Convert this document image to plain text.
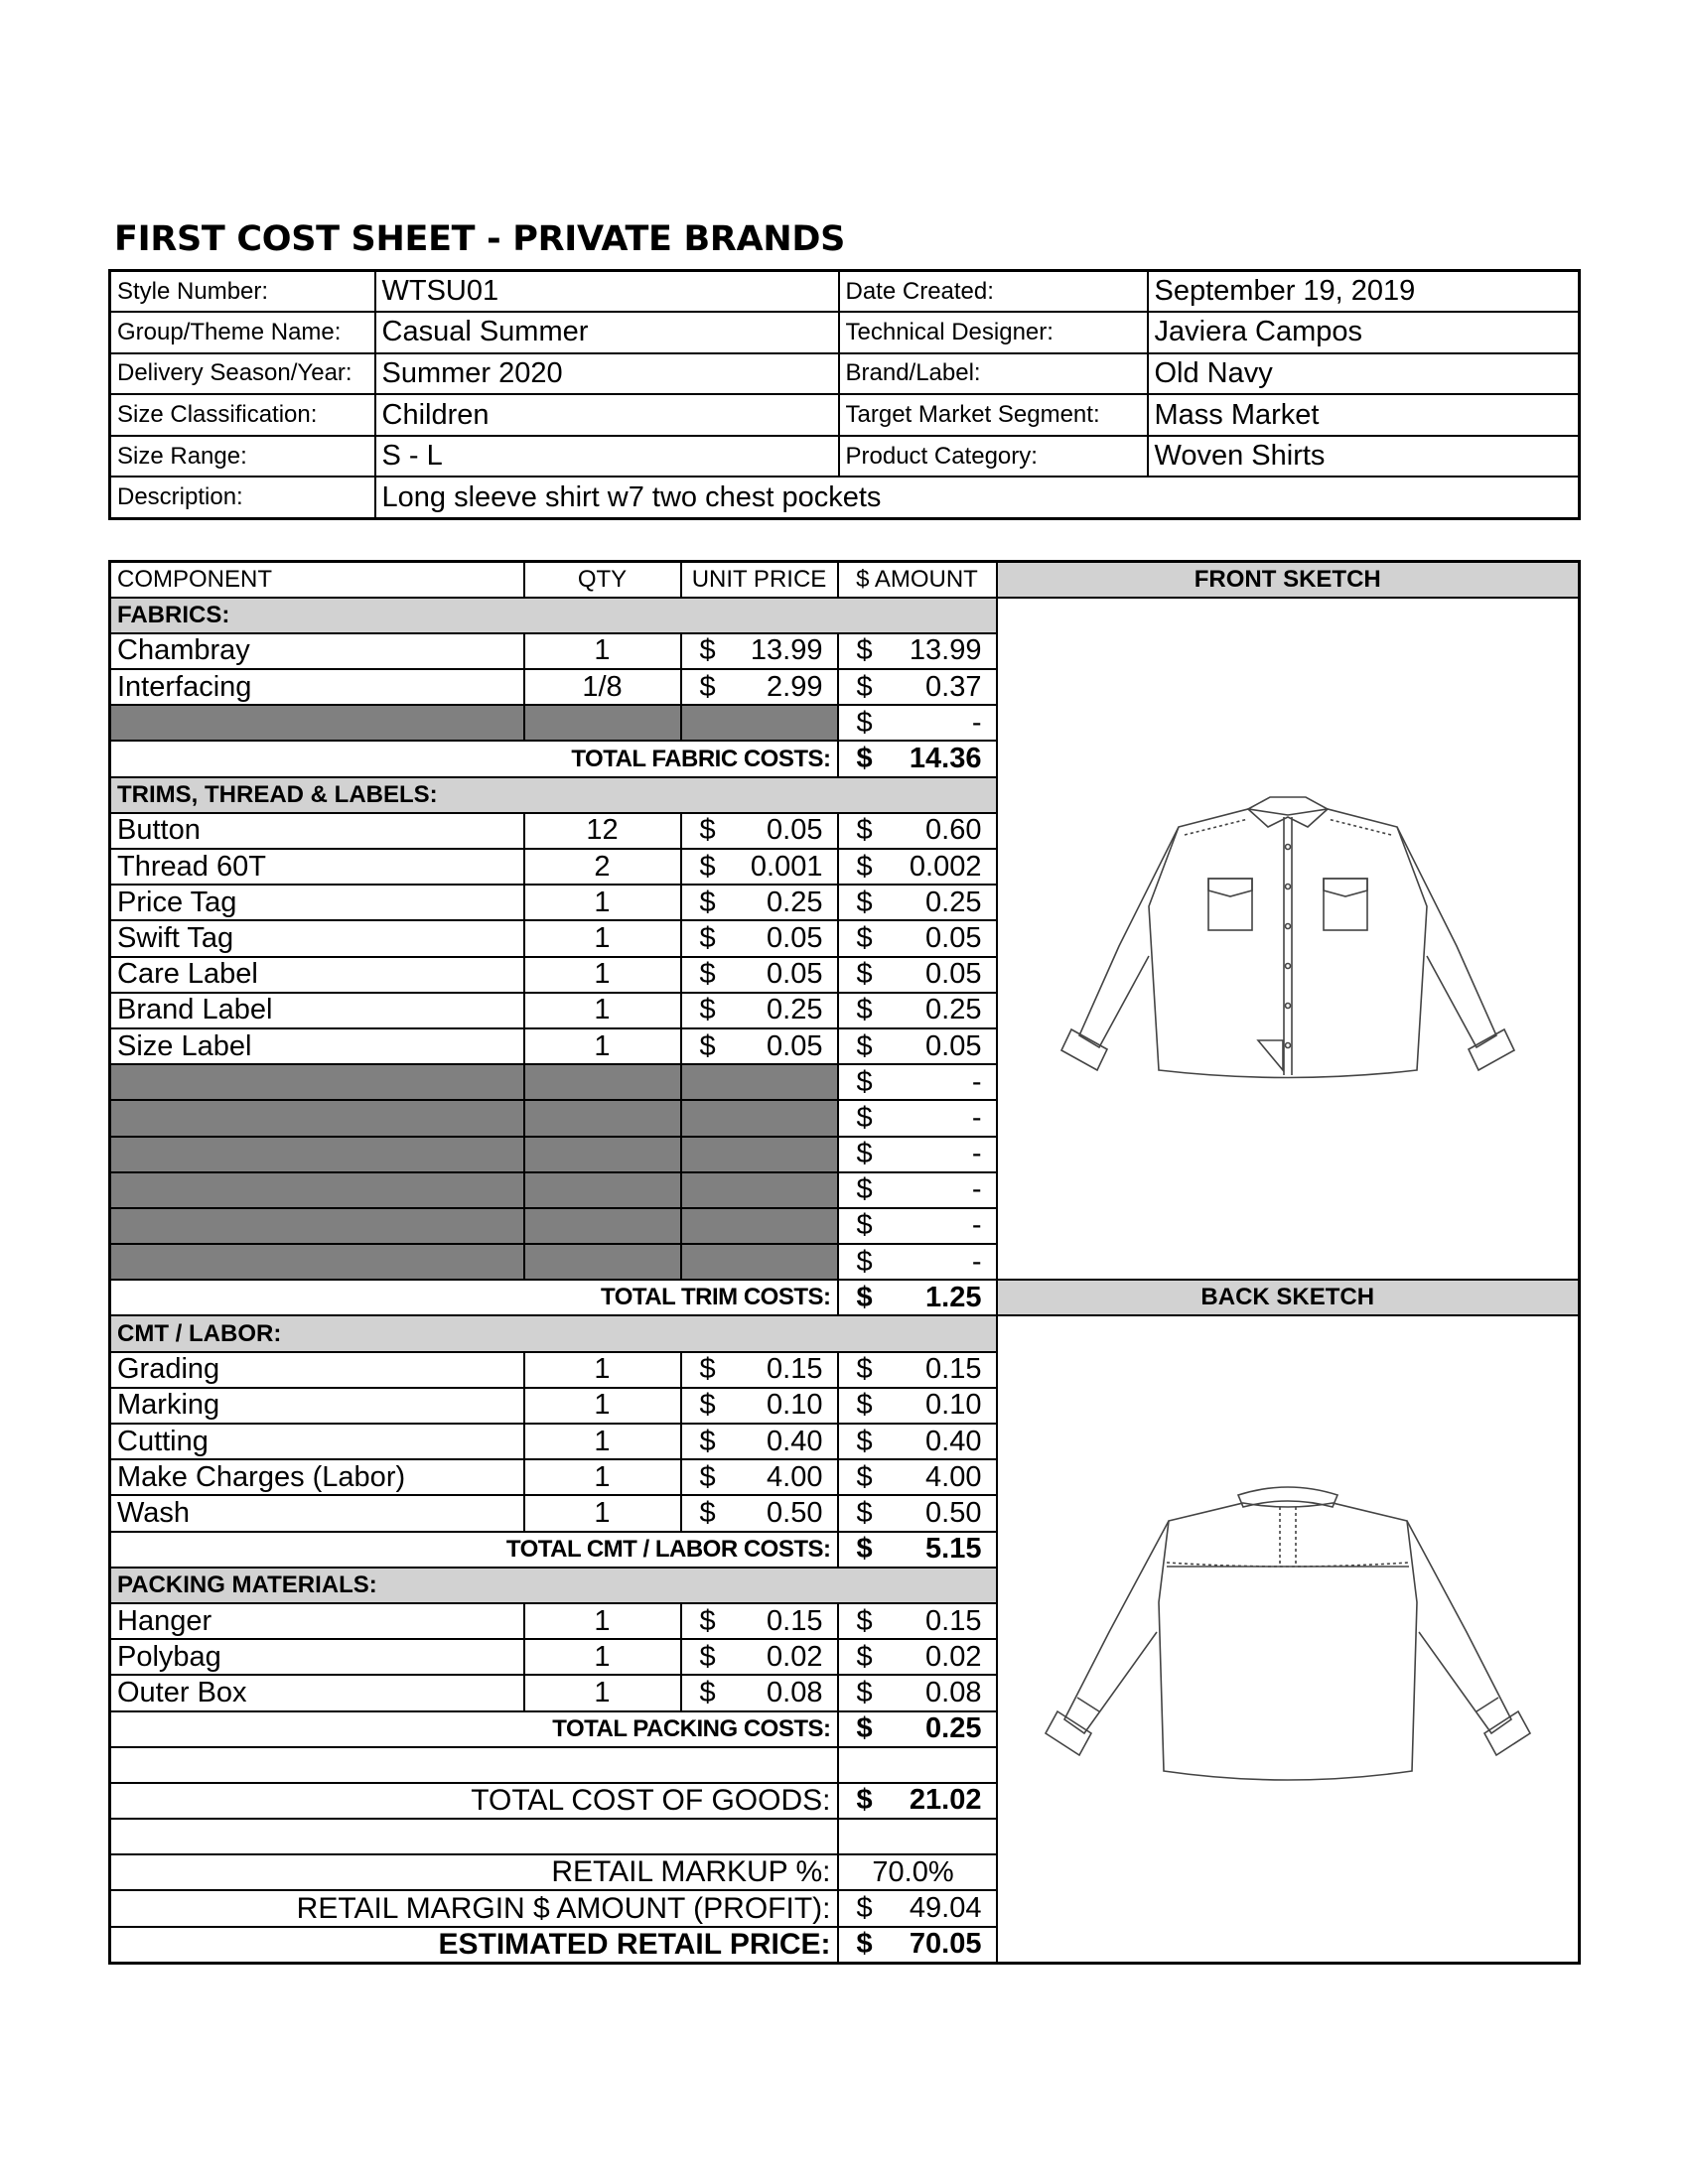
FIRST COST SHEET - PRIVATE BRANDS
Style Number:	WTSU01	Date Created:	September 19, 2019
Group/Theme Name:	Casual Summer	Technical Designer:	Javiera Campos
Delivery Season/Year:	Summer 2020	Brand/Label:	Old Navy
Size Classification:	Children	Target Market Segment:	Mass Market
Size Range:	S - L	Product Category:	Woven Shirts
Description:	Long sleeve shirt w7 two chest pockets		
COMPONENT	QTY	UNIT PRICE	$ AMOUNT	FRONT SKETCH
FABRICS:	
Chambray	1	$ 13.99	$ 13.99	

Interfacing	1/8	$ 2.99	$ 0.37	

			$ -	

TOTAL FABRIC COSTS:			$ 14.36	

TRIMS, THREAD & LABELS:				
Button	12	$ 0.05	$ 0.60	

Thread 60T	2	$ 0.001	$ 0.002	

Price Tag	1	$ 0.25	$ 0.25	

Swift Tag	1	$ 0.05	$ 0.05	

Care Label	1	$ 0.05	$ 0.05	

Brand Label	1	$ 0.25	$ 0.25	

Size Label	1	$ 0.05	$ 0.05	

			$ -	

			$ -	

			$ -	

			$ -	

			$ -	

			$ -	

TOTAL TRIM COSTS:			$ 1.25	BACK SKETCH
CMT / LABOR:	
Grading	1	$ 0.15	$ 0.15	

Marking	1	$ 0.10	$ 0.10	

Cutting	1	$ 0.40	$ 0.40	

Make Charges (Labor)	1	$ 4.00	$ 4.00	

Wash	1	$ 0.50	$ 0.50	

TOTAL CMT / LABOR COSTS:			$ 5.15	

PACKING MATERIALS:				
Hanger	1	$ 0.15	$ 0.15	

Polybag	1	$ 0.02	$ 0.02	

Outer Box	1	$ 0.08	$ 0.08	

TOTAL PACKING COSTS:			$ 0.25	

TOTAL COST OF GOODS:			$ 21.02	

RETAIL MARKUP %:			70.0%	

RETAIL MARGIN $ AMOUNT (PROFIT):			$ 49.04	

ESTIMATED RETAIL PRICE:			$ 70.05	
